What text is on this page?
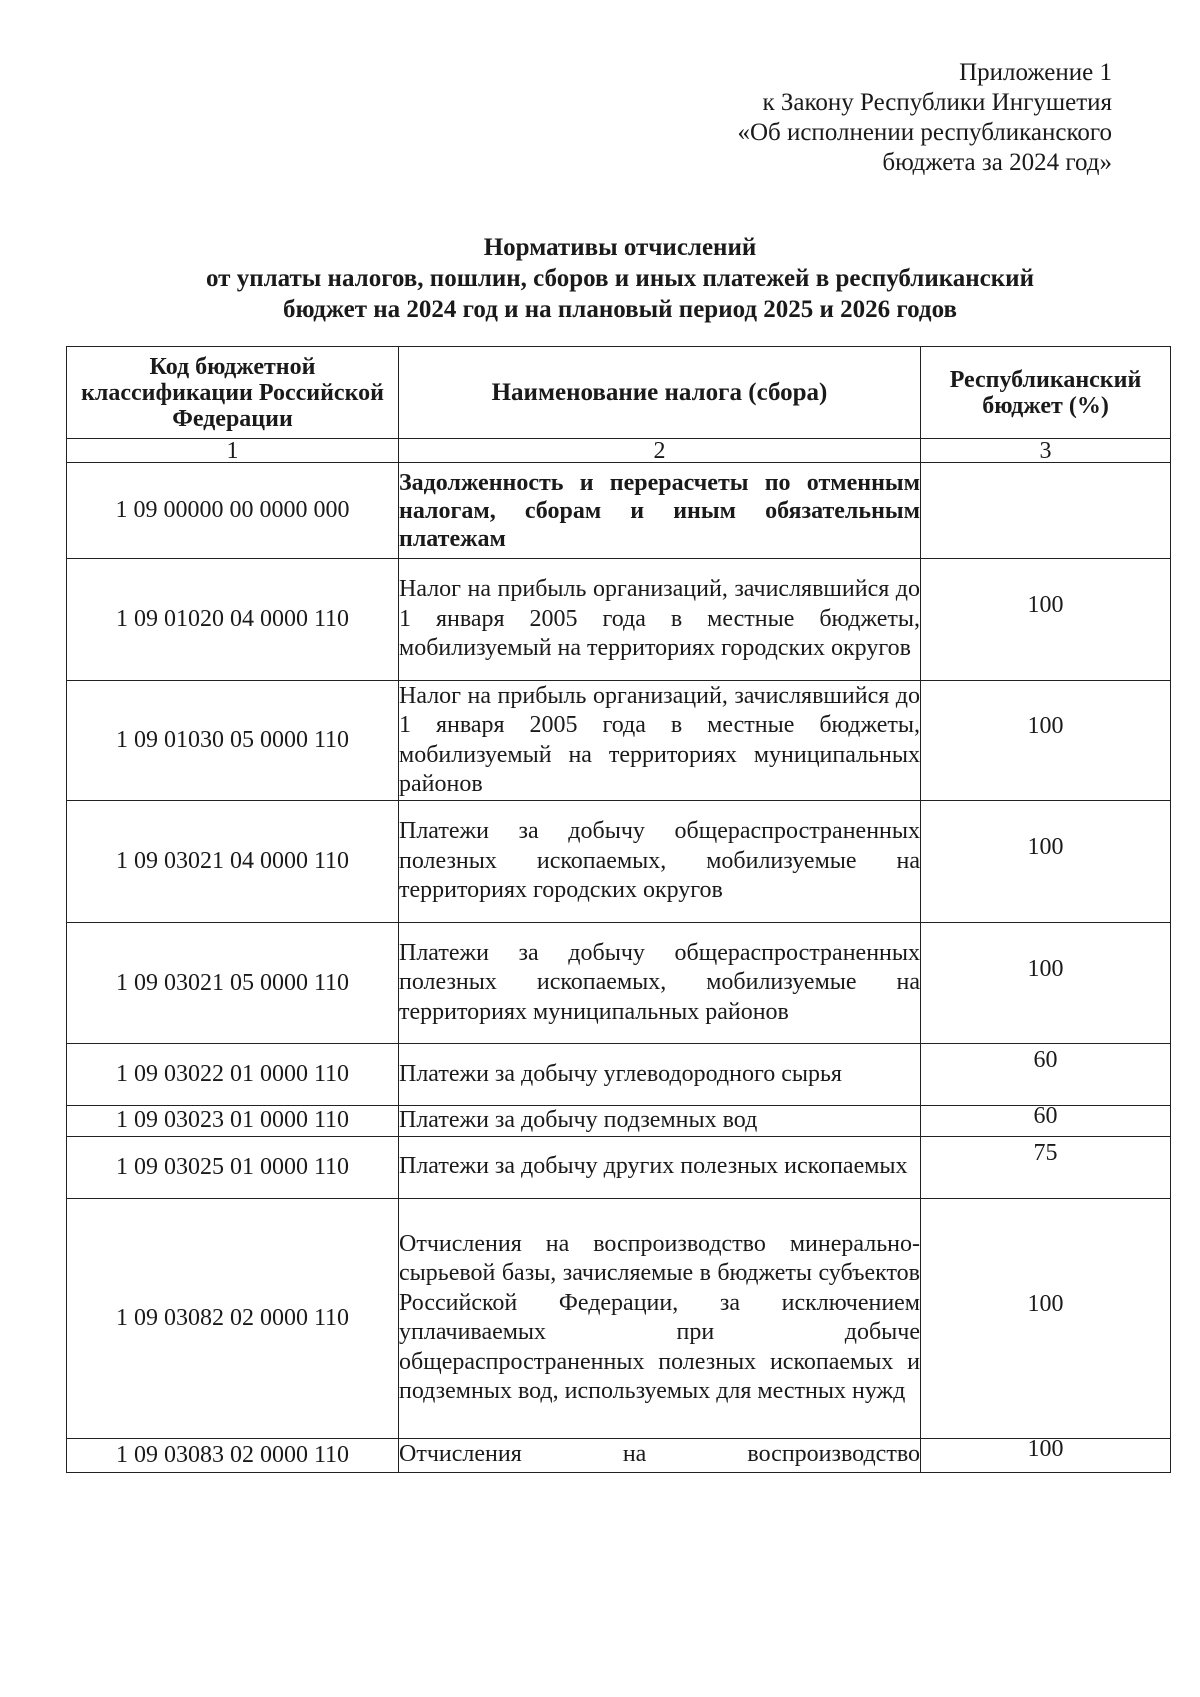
Приложение 1
к Закону Республики Ингушетия
«Об исполнении республиканского
бюджета за 2024 год»
Нормативы отчислений
от уплаты налогов, пошлин, сборов и иных платежей в республиканский
бюджет на 2024 год и на плановый период 2025 и 2026 годов
Код бюджетной классификации Российской Федерации	Наименование налога (сбора)	Республиканский бюджет (%)
1	2	3
1 09 00000 00 0000 000	Задолженность и перерасчеты по отменным налогам, сборам и иным обязательным платежам	
1 09 01020 04 0000 110	Налог на прибыль организаций, зачислявшийся до 1 января 2005 года в местные бюджеты, мобилизуемый на территориях городских округов	100
1 09 01030 05 0000 110	Налог на прибыль организаций, зачислявшийся до 1 января 2005 года в местные бюджеты, мобилизуемый на территориях муниципальных районов	100
1 09 03021 04 0000 110	Платежи за добычу общераспространенных полезных ископаемых, мобилизуемые на территориях городских округов	100
1 09 03021 05 0000 110	Платежи за добычу общераспространенных полезных ископаемых, мобилизуемые на территориях муниципальных районов	100
1 09 03022 01 0000 110	Платежи за добычу углеводородного сырья	60
1 09 03023 01 0000 110	Платежи за добычу подземных вод	60
1 09 03025 01 0000 110	Платежи за добычу других полезных ископаемых	75
1 09 03082 02 0000 110	Отчисления на воспроизводство минерально-сырьевой базы, зачисляемые в бюджеты субъектов Российской Федерации, за исключением уплачиваемых при добыче общераспространенных полезных ископаемых и подземных вод, используемых для местных нужд	100
1 09 03083 02 0000 110	Отчисления на воспроизводство	100
